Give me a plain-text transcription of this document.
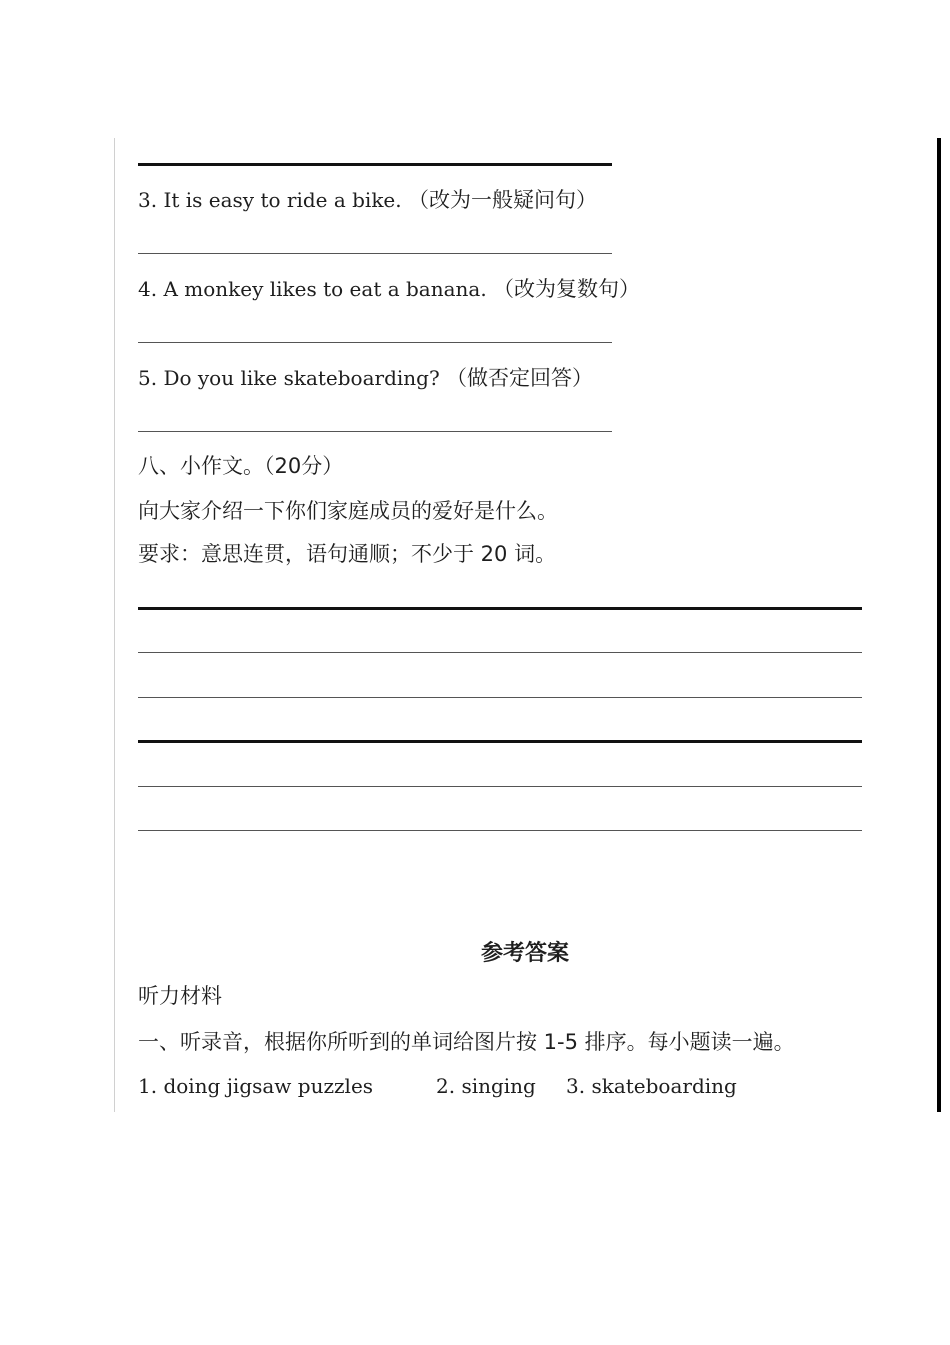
3. It is easy to ride a bike. （改为一般疑问句）
4. A monkey likes to eat a banana. （改为复数句）
5. Do you like skateboarding? （做否定回答）
八、小作文。（20分）
向大家介绍一下你们家庭成员的爱好是什么。
要求：意思连贯，语句通顺；不少于 20 词。
参考答案
听力材料
一、听录音，根据你所听到的单词给图片按 1-5 排序。每小题读一遍。
1. doing jigsaw puzzles	2. singing 3. skateboarding
